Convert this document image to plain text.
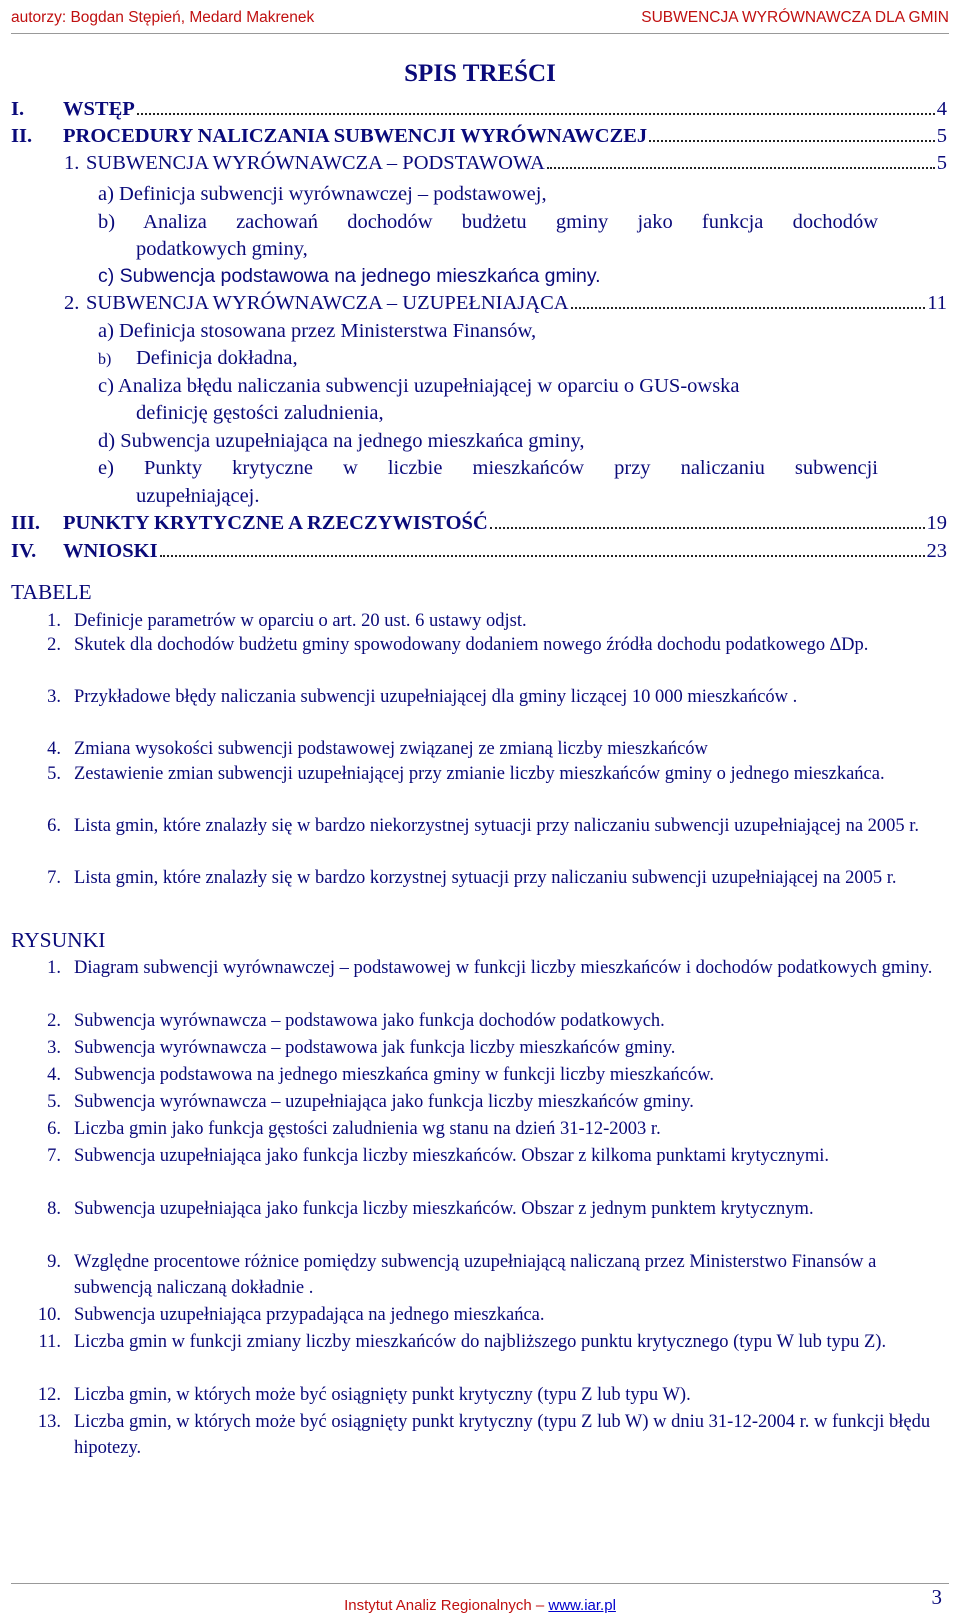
autorzy: Bogdan Stępień, Medard Makrenek	SUBWENCJA WYRÓWNAWCZA DLA GMIN
SPIS TREŚCI
I.	WSTĘP	4
II.	PROCEDURY NALICZANIA SUBWENCJI WYRÓWNAWCZEJ	5
1. SUBWENCJA WYRÓWNAWCZA – PODSTAWOWA	5
a) Definicja subwencji wyrównawczej – podstawowej,
b) Analiza zachowań dochodów budżetu gminy jako funkcja dochodów
podatkowych gminy,
c) Subwencja podstawowa na jednego mieszkańca gminy.
2. SUBWENCJA WYRÓWNAWCZA – UZUPEŁNIAJĄCA	11
a) Definicja stosowana przez Ministerstwa Finansów,
b) Definicja dokładna,
c) Analiza błędu naliczania subwencji uzupełniającej w oparciu o GUS-owska
definicję gęstości zaludnienia,
d) Subwencja uzupełniająca na jednego mieszkańca gminy,
e)  Punkty  krytyczne  w  liczbie  mieszkańców  przy  naliczaniu  subwencji
uzupełniającej.
III.	PUNKTY KRYTYCZNE A RZECZYWISTOŚĆ	19
IV.	WNIOSKI	23
TABELE
1. Definicje parametrów w oparciu o art. 20 ust. 6 ustawy odjst.
2. Skutek dla dochodów budżetu gminy spowodowany dodaniem nowego źródła dochodu podatkowego ∆Dp.
3. Przykładowe błędy naliczania subwencji uzupełniającej dla gminy liczącej 10 000 mieszkańców .
4. Zmiana wysokości subwencji podstawowej związanej ze zmianą liczby mieszkańców
5. Zestawienie zmian subwencji uzupełniającej przy zmianie liczby mieszkańców gminy o jednego mieszkańca.
6. Lista gmin, które znalazły się w bardzo niekorzystnej sytuacji przy naliczaniu subwencji uzupełniającej na 2005 r.
7. Lista gmin, które znalazły się w bardzo korzystnej sytuacji przy naliczaniu subwencji uzupełniającej na 2005 r.
RYSUNKI
1. Diagram subwencji wyrównawczej – podstawowej w funkcji liczby mieszkańców i dochodów podatkowych gminy.
2. Subwencja wyrównawcza – podstawowa jako funkcja dochodów podatkowych.
3. Subwencja wyrównawcza – podstawowa jak funkcja liczby mieszkańców gminy.
4. Subwencja podstawowa na jednego mieszkańca gminy w funkcji liczby mieszkańców.
5. Subwencja wyrównawcza – uzupełniająca jako funkcja liczby mieszkańców gminy.
6. Liczba gmin jako funkcja gęstości zaludnienia wg stanu na dzień 31-12-2003 r.
7. Subwencja uzupełniająca jako funkcja liczby mieszkańców. Obszar z kilkoma punktami krytycznymi.
8. Subwencja uzupełniająca jako funkcja liczby mieszkańców. Obszar z jednym punktem krytycznym.
9. Względne procentowe różnice pomiędzy subwencją uzupełniającą naliczaną przez Ministerstwo Finansów a subwencją naliczaną dokładnie .
10. Subwencja uzupełniająca przypadająca na jednego mieszkańca.
11. Liczba gmin w funkcji zmiany liczby mieszkańców do najbliższego punktu krytycznego (typu W lub typu Z).
12. Liczba gmin, w których może być osiągnięty punkt krytyczny (typu Z lub typu W).
13. Liczba gmin, w których może być osiągnięty punkt krytyczny (typu Z lub W) w dniu 31-12-2004 r. w funkcji błędu hipotezy.
Instytut Analiz Regionalnych – www.iar.pl	3
